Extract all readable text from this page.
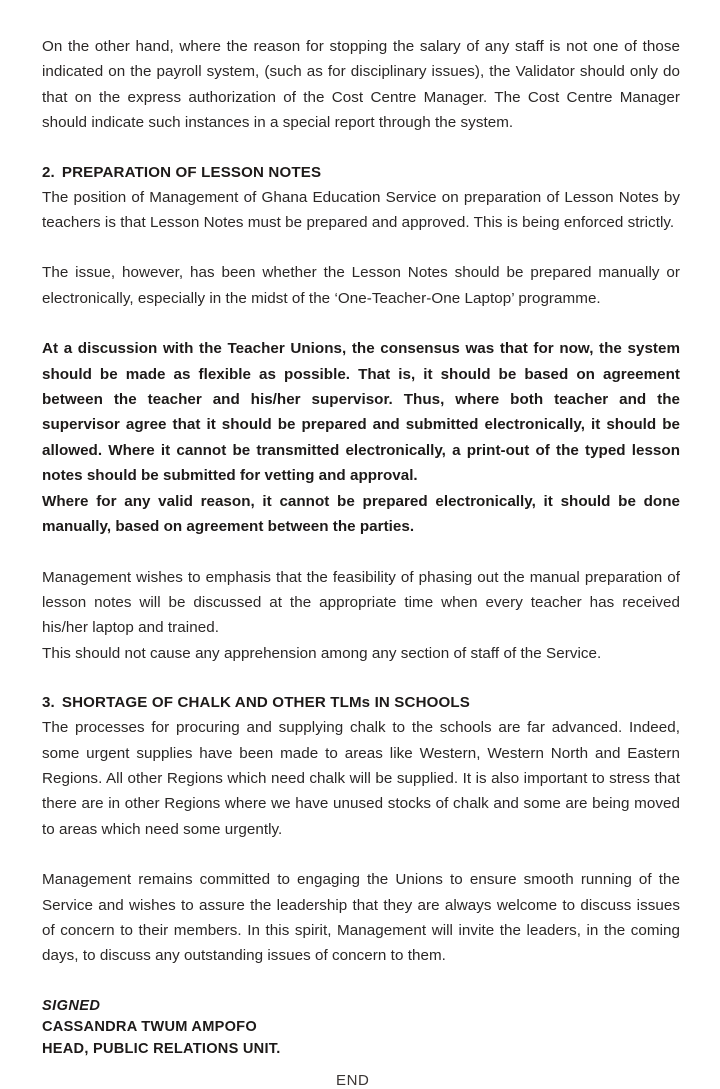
On the other hand, where the reason for stopping the salary of any staff is not one of those indicated on the payroll system, (such as for disciplinary issues), the Validator should only do that on the express authorization of the Cost Centre Manager. The Cost Centre Manager should indicate such instances in a special report through the system.

2. PREPARATION OF LESSON NOTES

The position of Management of Ghana Education Service on preparation of Lesson Notes by teachers is that Lesson Notes must be prepared and approved. This is being enforced strictly.

The issue, however, has been whether the Lesson Notes should be prepared manually or electronically, especially in the midst of the ‘One-Teacher-One Laptop’ programme.

At a discussion with the Teacher Unions, the consensus was that for now, the system should be made as flexible as possible. That is, it should be based on agreement between the teacher and his/her supervisor. Thus, where both teacher and the supervisor agree that it should be prepared and submitted electronically, it should be allowed. Where it cannot be transmitted electronically, a print-out of the typed lesson notes should be submitted for vetting and approval.

Where for any valid reason, it cannot be prepared electronically, it should be done manually, based on agreement between the parties.

Management wishes to emphasis that the feasibility of phasing out the manual preparation of lesson notes will be discussed at the appropriate time when every teacher has received his/her laptop and trained.

This should not cause any apprehension among any section of staff of the Service.

3. SHORTAGE OF CHALK AND OTHER TLMs IN SCHOOLS

The processes for procuring and supplying chalk to the schools are far advanced. Indeed, some urgent supplies have been made to areas like Western, Western North and Eastern Regions. All other Regions which need chalk will be supplied. It is also important to stress that there are in other Regions where we have unused stocks of chalk and some are being moved to areas which need some urgently.

Management remains committed to engaging the Unions to ensure smooth running of the Service and wishes to assure the leadership that they are always welcome to discuss issues of concern to their members. In this spirit, Management will invite the leaders, in the coming days, to discuss any outstanding issues of concern to them.

SIGNED
CASSANDRA TWUM AMPOFO
HEAD, PUBLIC RELATIONS UNIT.
END
